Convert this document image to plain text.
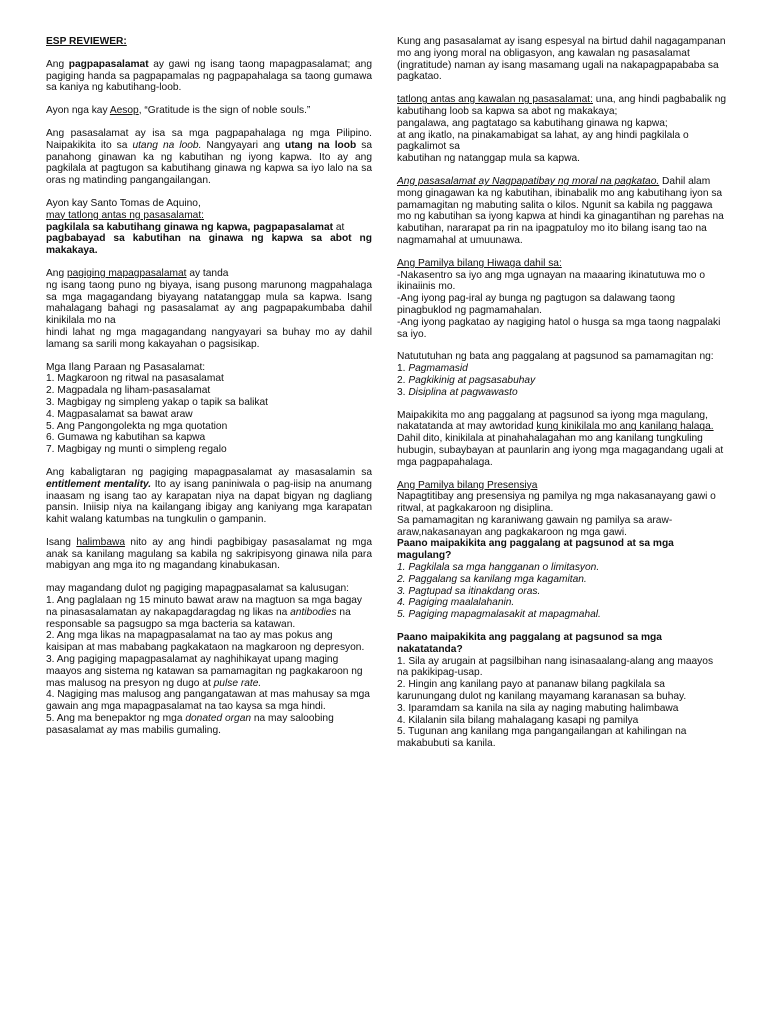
ESP REVIEWER:

Ang pagpapasalamat ay gawi ng isang taong mapagpasalamat; ang pagiging handa sa pagpapamalas ng pagpapahalaga sa taong gumawa sa kaniya ng kabutihang-loob.

Ayon nga kay Aesop, “Gratitude is the sign of noble souls.”

Ang pasasalamat ay isa sa mga pagpapahalaga ng mga Pilipino. Naipakikita ito sa utang na loob. Nangyayari ang utang na loob sa panahong ginawan ka ng kabutihan ng iyong kapwa. Ito ay ang pagkilala at pagtugon sa kabutihang ginawa ng kapwa sa iyo lalo na sa oras ng matinding pangangailangan.

Ayon kay Santo Tomas de Aquino,
may tatlong antas ng pasasalamat:
pagkilala sa kabutihang ginawa ng kapwa, pagpapasalamat at
pagbabayad sa kabutihan na ginawa ng kapwa sa abot ng makakaya.
Ang pagiging mapagpasalamat ay tanda
ng isang taong puno ng biyaya, isang pusong marunong magpahalaga sa mga magagandang biyayang natatanggap mula sa kapwa. Isang mahalagang bahagi ng pasasalamat ay ang pagpapakumbaba dahil kinikilala mo na
hindi lahat ng mga magagandang nangyayari sa buhay mo ay dahil lamang sa sarili mong kakayahan o pagsisikap.
Mga Ilang Paraan ng Pasasalamat:
1. Magkaroon ng ritwal na pasasalamat
2. Magpadala ng liham-pasasalamat
3. Magbigay ng simpleng yakap o tapik sa balikat
4. Magpasalamat sa bawat araw
5. Ang Pangongolekta ng mga quotation
6. Gumawa ng kabutihan sa kapwa
7. Magbigay ng munti o simpleng regalo

Ang kabaligtaran ng pagiging mapagpasalamat ay masasalamin sa entitlement mentality. Ito ay isang paniniwala o pag-iisip na anumang inaasam ng isang tao ay karapatan niya na dapat bigyan ng dagliang pansin. Iniisip niya na kailangang ibigay ang kaniyang mga karapatan kahit walang katumbas na tungkulin o gampanin.

Isang halimbawa nito ay ang hindi pagbibigay pasasalamat ng mga anak sa kanilang magulang sa kabila ng sakripisyong ginawa nila para mabigyan ang mga ito ng magandang kinabukasan.

may magandang dulot ng pagiging mapagpasalamat sa kalusugan:
1. Ang paglalaan ng 15 minuto bawat araw na magtuon sa mga bagay na pinasasalamatan ay nakapagdaragdag ng likas na antibodies na responsable sa pagsugpo sa mga bacteria sa katawan.
2. Ang mga likas na mapagpasalamat na tao ay mas pokus ang kaisipan at mas mababang pagkakataon na magkaroon ng depresyon.
3. Ang pagiging mapagpasalamat ay naghihikayat upang maging maayos ang sistema ng katawan sa pamamagitan ng pagkakaroon ng mas malusog na presyon ng dugo at pulse rate.
4. Nagiging mas malusog ang pangangatawan at mas mahusay sa mga gawain ang mga mapagpasalamat na tao kaysa sa mga hindi.
5. Ang ma benepaktor ng mga donated organ na may saloobing pasasalamat ay mas mabilis gumaling.

Kung ang pasasalamat ay isang espesyal na birtud dahil nagagampanan mo ang iyong moral na obligasyon, ang kawalan ng pasasalamat (ingratitude) naman ay isang masamang ugali na nakapagpapababa sa pagkatao.

tatlong antas ang kawalan ng pasasalamat: una, ang hindi pagbabalik ng kabutihang loob sa kapwa sa abot ng makakaya;
pangalawa, ang pagtatago sa kabutihang ginawa ng kapwa;
at ang ikatlo, na pinakamabigat sa lahat, ay ang hindi pagkilala o pagkalimot sa
kabutihan ng natanggap mula sa kapwa.

Ang pasasalamat ay Nagpapatibay ng moral na pagkatao. Dahil alam mong ginagawan ka ng kabutihan, ibinabalik mo ang kabutihang iyon sa pamamagitan ng mabuting salita o kilos. Ngunit sa kabila ng paggawa mo ng kabutihan sa iyong kapwa at hindi ka ginagantihan ng parehas na kabutihan, nararapat pa rin na ipagpatuloy mo ito bilang isang tao na nagmamahal at umuunawa.

Ang Pamilya bilang Hiwaga dahil sa:
-Nakasentro sa iyo ang mga ugnayan na maaaring ikinatutuwa mo o ikinaiinis mo.
-Ang iyong pag-iral ay bunga ng pagtugon sa dalawang taong pinagbuklod ng pagmamahalan.
-Ang iyong pagkatao ay nagiging hatol o husga sa mga taong nagpalaki sa iyo.
Natututuhan ng bata ang paggalang at pagsunod sa pamamagitan ng:
1. Pagmamasid
2. Pagkikinig at pagsasabuhay
3. Disiplina at pagwawasto

Maipakikita mo ang paggalang at pagsunod sa iyong mga magulang, nakatatanda at may awtoridad kung kinikilala mo ang kanilang halaga. Dahil dito, kinikilala at pinahahalagahan mo ang kanilang tungkuling hubugin, subaybayan at paunlarin ang iyong mga magagandang ugali at mga pagpapahalaga.

Ang Pamilya bilang Presensiya
Napagtitibay ang presensiya ng pamilya ng mga nakasanayang gawi o ritwal, at pagkakaroon ng disiplina.
Sa pamamagitan ng karaniwang gawain ng pamilya sa araw-araw,nakasanayan ang pagkakaroon ng mga gawi.
Paano maipakikita ang paggalang at pagsunod at sa mga magulang?
1. Pagkilala sa mga hangganan o limitasyon.
2. Paggalang sa kanilang mga kagamitan.
3. Pagtupad sa itinakdang oras.
4. Pagiging maalalahanin.
5. Pagiging mapagmalasakit at mapagmahal.
Paano maipakikita ang paggalang at pagsunod sa mga nakatatanda?
1. Sila ay arugain at pagsilbihan nang isinasaalang-alang ang maayos na pakikipag-usap.
2. Hingin ang kanilang payo at pananaw bilang pagkilala sa karunungang dulot ng kanilang mayamang karanasan sa buhay.
3. Iparamdam sa kanila na sila ay naging mabuting halimbawa
4. Kilalanin sila bilang mahalagang kasapi ng pamilya
5. Tugunan ang kanilang mga pangangailangan at kahilingan na makabubuti sa kanila.
